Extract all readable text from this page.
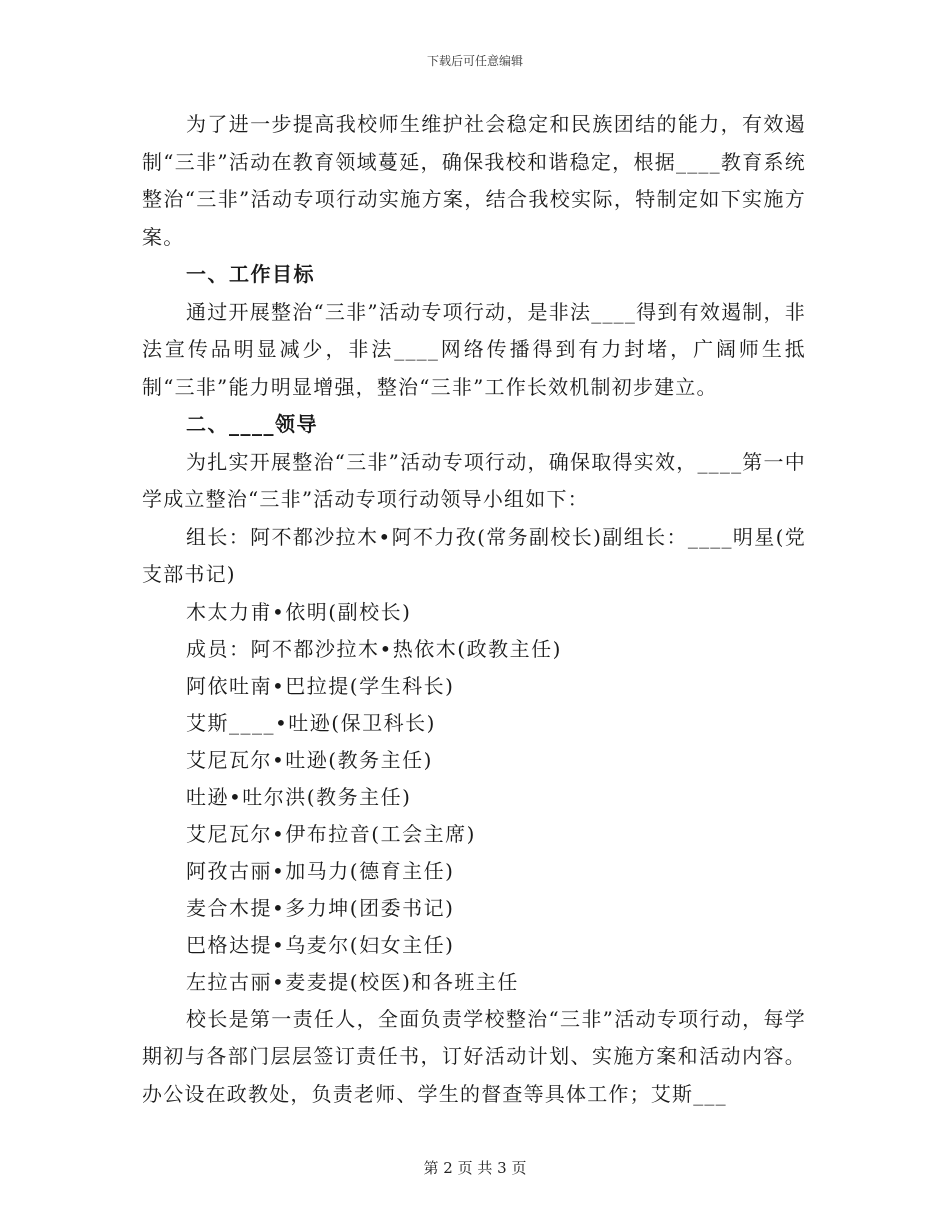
下载后可任意编辑

为了进一步提高我校师生维护社会稳定和民族团结的能力，有效遏制“三非”活动在教育领域蔓延，确保我校和谐稳定，根据____教育系统整治“三非”活动专项行动实施方案，结合我校实际，特制定如下实施方案。

一、工作目标

通过开展整治“三非”活动专项行动，是非法____得到有效遏制，非法宣传品明显减少，非法____网络传播得到有力封堵，广阔师生抵制“三非”能力明显增强，整治“三非”工作长效机制初步建立。

二、____领导

为扎实开展整治“三非”活动专项行动，确保取得实效，____第一中学成立整治“三非”活动专项行动领导小组如下：

组长：阿不都沙拉木•阿不力孜(常务副校长)副组长：____明星(党支部书记)

木太力甫•依明(副校长)

成员：阿不都沙拉木•热依木(政教主任)

阿依吐南•巴拉提(学生科长)

艾斯____•吐逊(保卫科长)

艾尼瓦尔•吐逊(教务主任)

吐逊•吐尔洪(教务主任)

艾尼瓦尔•伊布拉音(工会主席)

阿孜古丽•加马力(德育主任)

麦合木提•多力坤(团委书记)

巴格达提•乌麦尔(妇女主任)

左拉古丽•麦麦提(校医)和各班主任

校长是第一责任人，全面负责学校整治“三非”活动专项行动，每学期初与各部门层层签订责任书，订好活动计划、实施方案和活动内容。办公设在政教处，负责老师、学生的督查等具体工作；艾斯___

第 2 页 共 3 页
